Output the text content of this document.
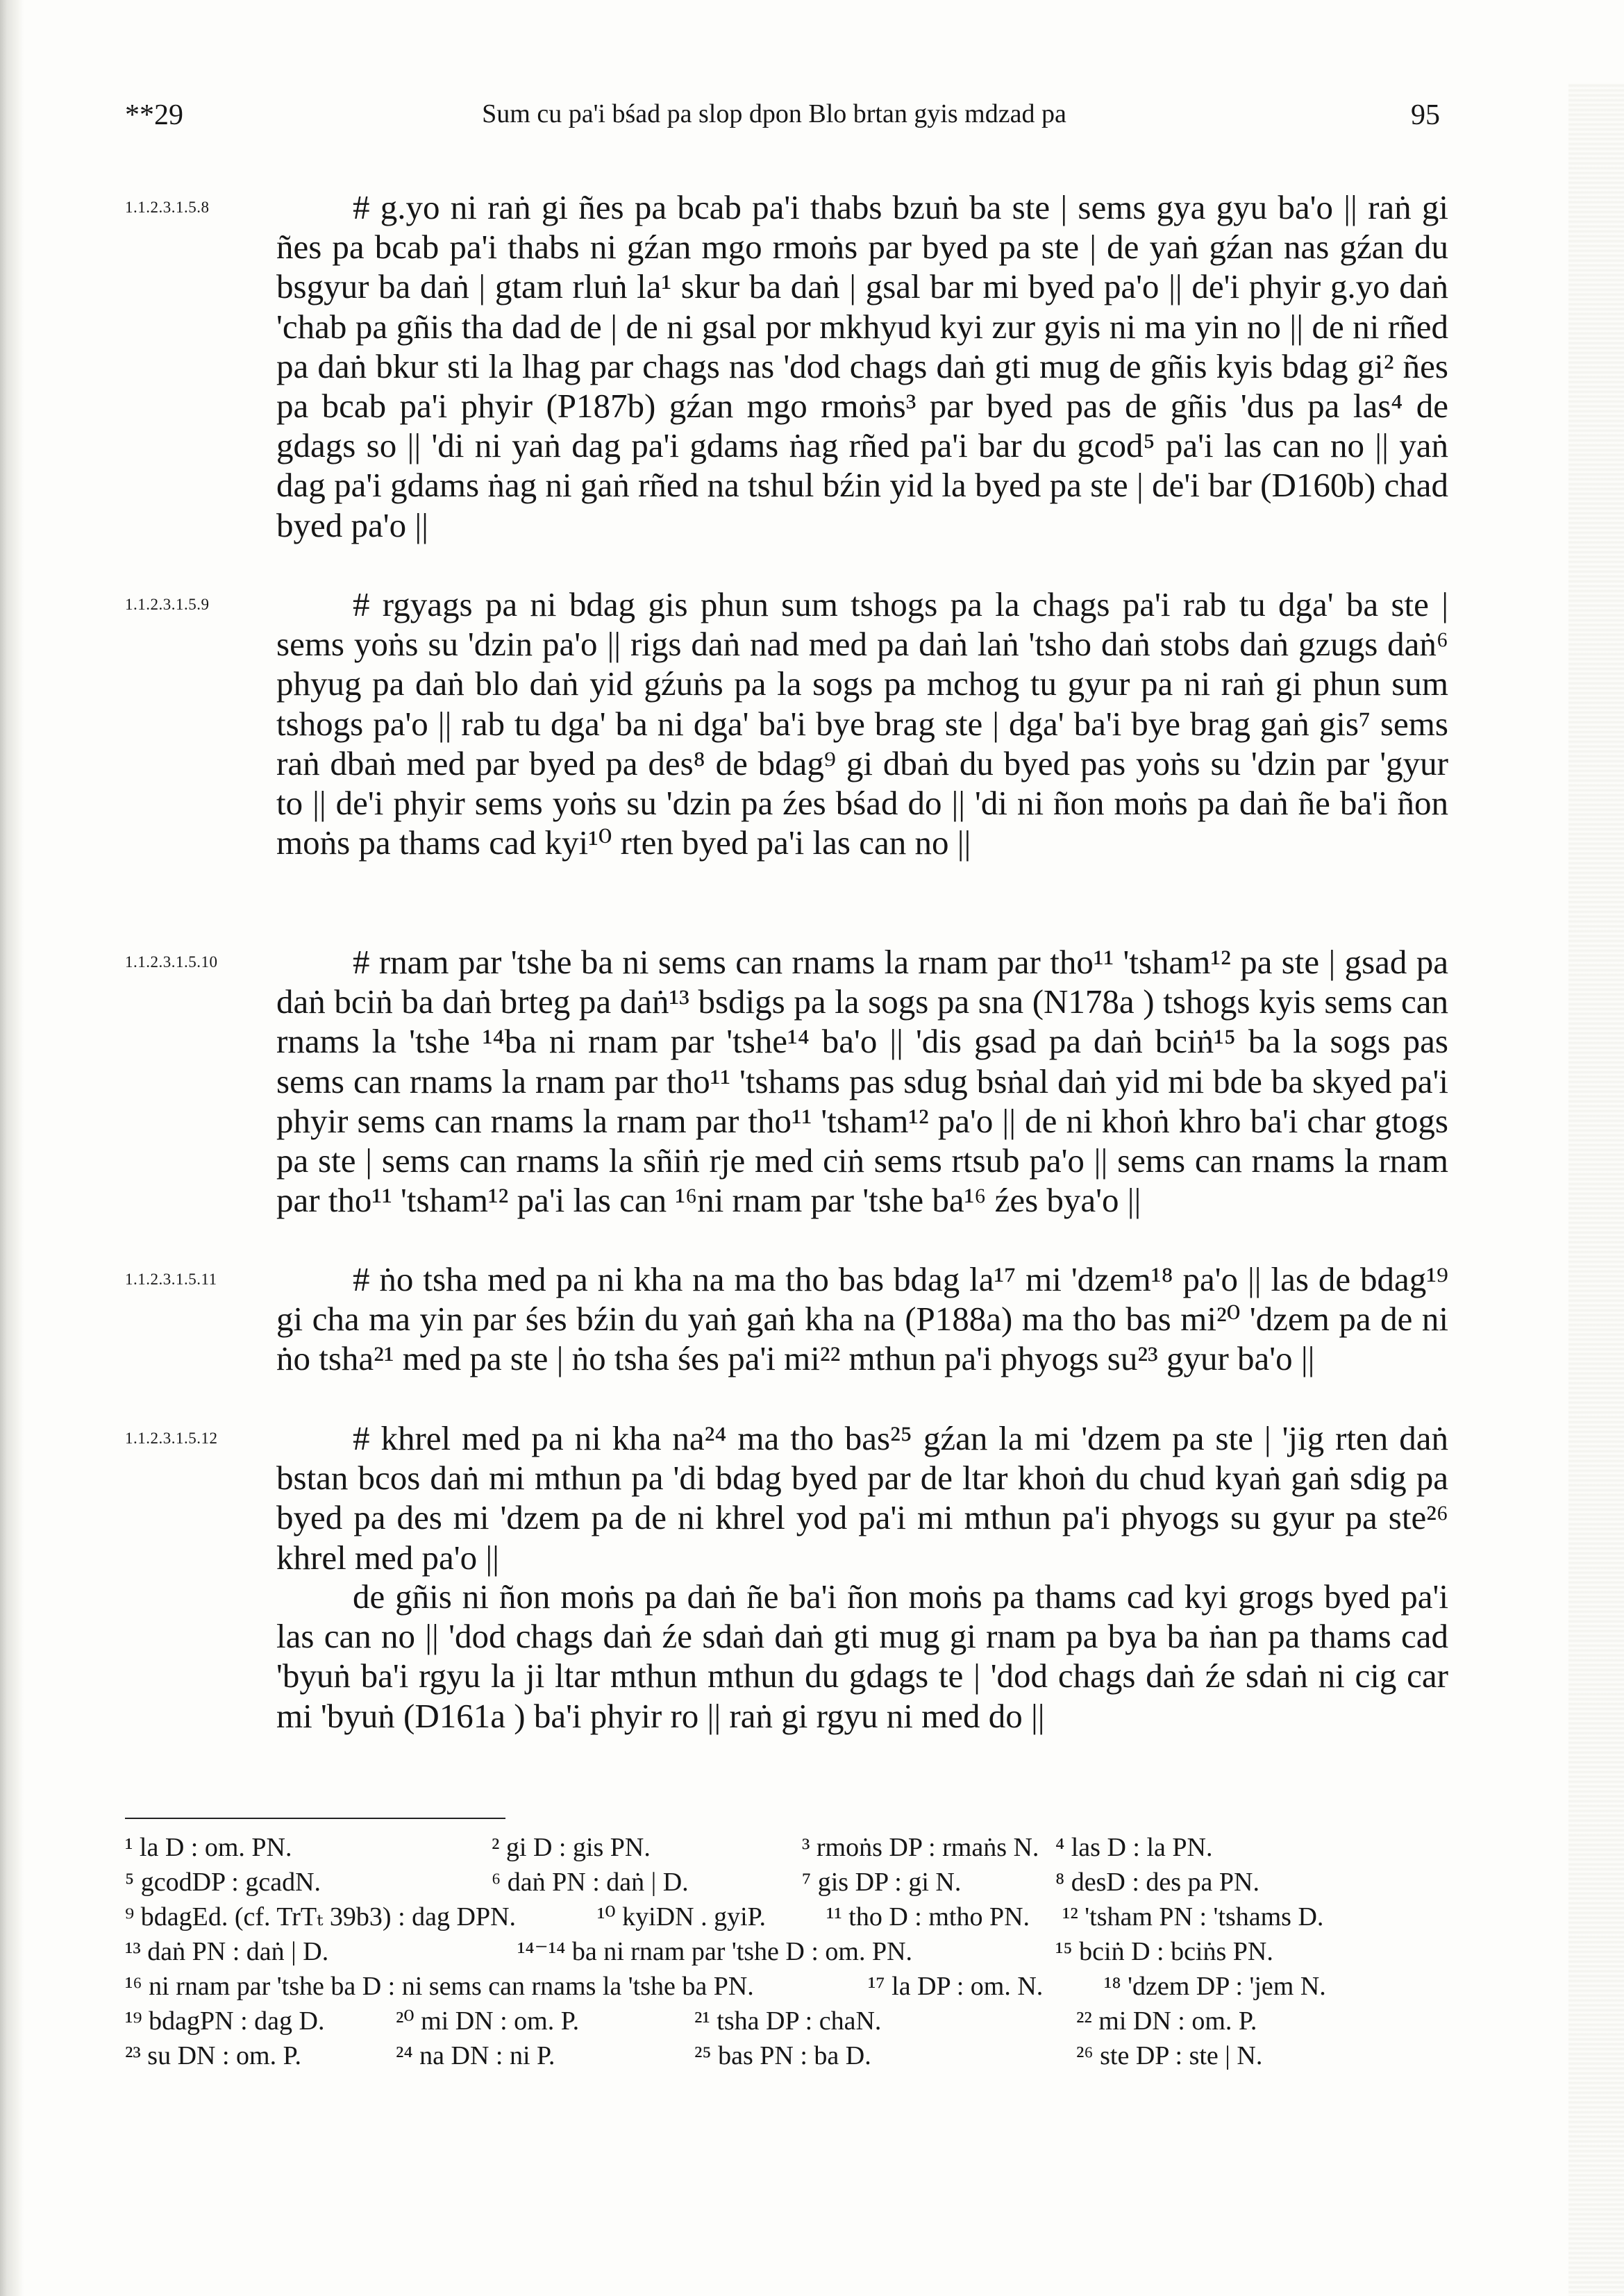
**29	Sum cu pa'i bśad pa slop dpon Blo brtan gyis mdzad pa	95
1.1.2.3.1.5.8	# g.yo ni raṅ gi ñes pa bcab pa'i thabs bzuṅ ba ste | sems gya gyu ba'o || raṅ gi ñes pa bcab pa'i thabs ni gźan mgo rmoṅs par byed pa ste | de yaṅ gźan nas gźan du bsgyur ba daṅ | gtam rluṅ la¹ skur ba daṅ | gsal bar mi byed pa'o || de'i phyir g.yo daṅ 'chab pa gñis tha dad de | de ni gsal por mkhyud kyi zur gyis ni ma yin no || de ni rñed pa daṅ bkur sti la lhag par chags nas 'dod chags daṅ gti mug de gñis kyis bdag gi² ñes pa bcab pa'i phyir (P187b) gźan mgo rmoṅs³ par byed pas de gñis 'dus pa las⁴ de gdags so || 'di ni yaṅ dag pa'i gdams ṅag rñed pa'i bar du gcod⁵ pa'i las can no || yaṅ dag pa'i gdams ṅag ni gaṅ rñed na tshul bźin yid la byed pa ste | de'i bar (D160b) chad byed pa'o ||
1.1.2.3.1.5.9	# rgyags pa ni bdag gis phun sum tshogs pa la chags pa'i rab tu dga' ba ste | sems yoṅs su 'dzin pa'o || rigs daṅ nad med pa daṅ laṅ 'tsho daṅ stobs daṅ gzugs daṅ⁶ phyug pa daṅ blo daṅ yid gźuṅs pa la sogs pa mchog tu gyur pa ni raṅ gi phun sum tshogs pa'o || rab tu dga' ba ni dga' ba'i bye brag ste | dga' ba'i bye brag gaṅ gis⁷ sems raṅ dbaṅ med par byed pa des⁸ de bdag⁹ gi dbaṅ du byed pas yoṅs su 'dzin par 'gyur to || de'i phyir sems yoṅs su 'dzin pa źes bśad do || 'di ni ñon moṅs pa daṅ ñe ba'i ñon moṅs pa thams cad kyi¹⁰ rten byed pa'i las can no ||
1.1.2.3.1.5.10	# rnam par 'tshe ba ni sems can rnams la rnam par tho¹¹ 'tsham¹² pa ste | gsad pa daṅ bciṅ ba daṅ brteg pa daṅ¹³ bsdigs pa la sogs pa sna (N178a ) tshogs kyis sems can rnams la 'tshe ¹⁴ba ni rnam par 'tshe¹⁴ ba'o || 'dis gsad pa daṅ bciṅ¹⁵ ba la sogs pas sems can rnams la rnam par tho¹¹ 'tshams pas sdug bsṅal daṅ yid mi bde ba skyed pa'i phyir sems can rnams la rnam par tho¹¹ 'tsham¹² pa'o || de ni khoṅ khro ba'i char gtogs pa ste | sems can rnams la sñiṅ rje med ciṅ sems rtsub pa'o || sems can rnams la rnam par tho¹¹ 'tsham¹² pa'i las can ¹⁶ni rnam par 'tshe ba¹⁶ źes bya'o ||
1.1.2.3.1.5.11	# ṅo tsha med pa ni kha na ma tho bas bdag la¹⁷ mi 'dzem¹⁸ pa'o || las de bdag¹⁹ gi cha ma yin par śes bźin du yaṅ gaṅ kha na (P188a) ma tho bas mi²⁰ 'dzem pa de ni ṅo tsha²¹ med pa ste | ṅo tsha śes pa'i mi²² mthun pa'i phyogs su²³ gyur ba'o ||
1.1.2.3.1.5.12	# khrel med pa ni kha na²⁴ ma tho bas²⁵ gźan la mi 'dzem pa ste | 'jig rten daṅ bstan bcos daṅ mi mthun pa 'di bdag byed par de ltar khoṅ du chud kyaṅ gaṅ sdig pa byed pa des mi 'dzem pa de ni khrel yod pa'i mi mthun pa'i phyogs su gyur pa ste²⁶ khrel med pa'o ||
de gñis ni ñon moṅs pa daṅ ñe ba'i ñon moṅs pa thams cad kyi grogs byed pa'i las can no || 'dod chags daṅ źe sdaṅ daṅ gti mug gi rnam pa bya ba ṅan pa thams cad 'byuṅ ba'i rgyu la ji ltar mthun mthun du gdags te | 'dod chags daṅ źe sdaṅ ni cig car mi 'byuṅ (D161a ) ba'i phyir ro || raṅ gi rgyu ni med do ||
¹ la D : om. PN.	² gi D : gis PN.	³ rmoṅs DP : rmaṅs N. ⁴ las D : la PN.
⁵ gcodDP : gcadN.	⁶ daṅ PN : daṅ | D.	⁷ gis DP : gi N.	⁸ desD : des pa PN.
⁹ bdagEd. (cf. TrTₜ 39b3) : dag DPN.	¹⁰ kyiDN . gyiP. ¹¹ tho D : mtho PN. ¹² 'tsham PN : 'tshams D.
¹³ daṅ PN : daṅ | D.	¹⁴⁻¹⁴ ba ni rnam par 'tshe D : om. PN.	¹⁵ bciṅ D : bciṅs PN.
¹⁶ ni rnam par 'tshe ba D : ni sems can rnams la 'tshe ba PN.	¹⁷ la DP : om. N. ¹⁸ 'dzem DP : 'jem N.
¹⁹ bdagPN : dag D.	²⁰ mi DN : om. P.	²¹ tsha DP : chaN.	²² mi DN : om. P.
²³ su DN : om. P.	²⁴ na DN : ni P.	²⁵ bas PN : ba D.	²⁶ ste DP : ste | N.
